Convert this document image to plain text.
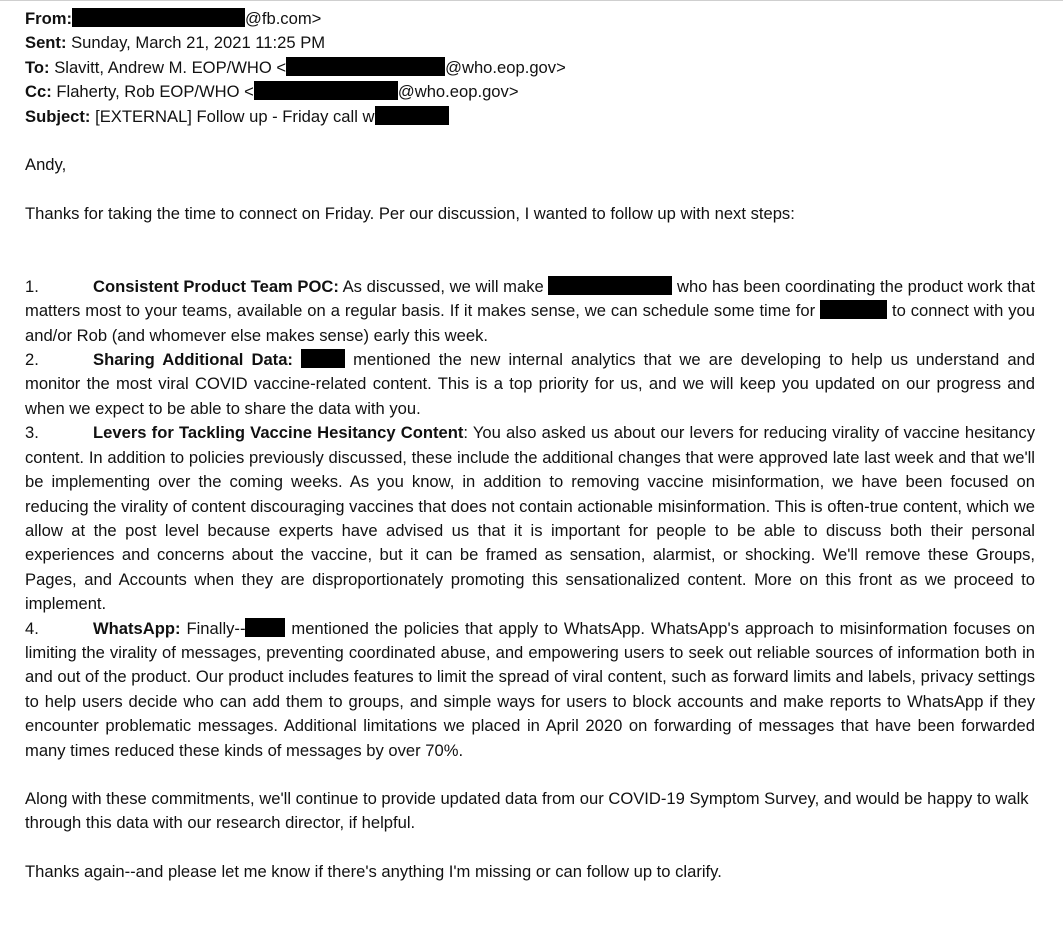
From:	@fb.com>
Sent: Sunday, March 21, 2021 11:25 PM
To: Slavitt, Andrew M. EOP/WHO <	@who.eop.gov>
Cc: Flaherty, Rob EOP/WHO <	@who.eop.gov>
Subject: [EXTERNAL] Follow up - Friday call w

Andy,

Thanks for taking the time to connect on Friday. Per our discussion, I wanted to follow up with next steps:

1.	Consistent Product Team POC: As discussed, we will make	who has been coordinating the product work that matters most to your teams, available on a regular basis. If it makes sense, we can schedule some time for	to connect with you and/or Rob (and whomever else makes sense) early this week.

2.	Sharing Additional Data:	mentioned the new internal analytics that we are developing to help us understand and monitor the most viral COVID vaccine-related content. This is a top priority for us, and we will keep you updated on our progress and when we expect to be able to share the data with you.

3.	Levers for Tackling Vaccine Hesitancy Content: You also asked us about our levers for reducing virality of vaccine hesitancy content. In addition to policies previously discussed, these include the additional changes that were approved late last week and that we'll be implementing over the coming weeks. As you know, in addition to removing vaccine misinformation, we have been focused on reducing the virality of content discouraging vaccines that does not contain actionable misinformation. This is often-true content, which we allow at the post level because experts have advised us that it is important for people to be able to discuss both their personal experiences and concerns about the vaccine, but it can be framed as sensation, alarmist, or shocking. We'll remove these Groups, Pages, and Accounts when they are disproportionately promoting this sensationalized content. More on this front as we proceed to implement.

4.	WhatsApp: Finally-- mentioned the policies that apply to WhatsApp. WhatsApp's approach to misinformation focuses on limiting the virality of messages, preventing coordinated abuse, and empowering users to seek out reliable sources of information both in and out of the product. Our product includes features to limit the spread of viral content, such as forward limits and labels, privacy settings to help users decide who can add them to groups, and simple ways for users to block accounts and make reports to WhatsApp if they encounter problematic messages. Additional limitations we placed in April 2020 on forwarding of messages that have been forwarded many times reduced these kinds of messages by over 70%.

Along with these commitments, we'll continue to provide updated data from our COVID-19 Symptom Survey, and would be happy to walk through this data with our research director, if helpful.

Thanks again--and please let me know if there's anything I'm missing or can follow up to clarify.
